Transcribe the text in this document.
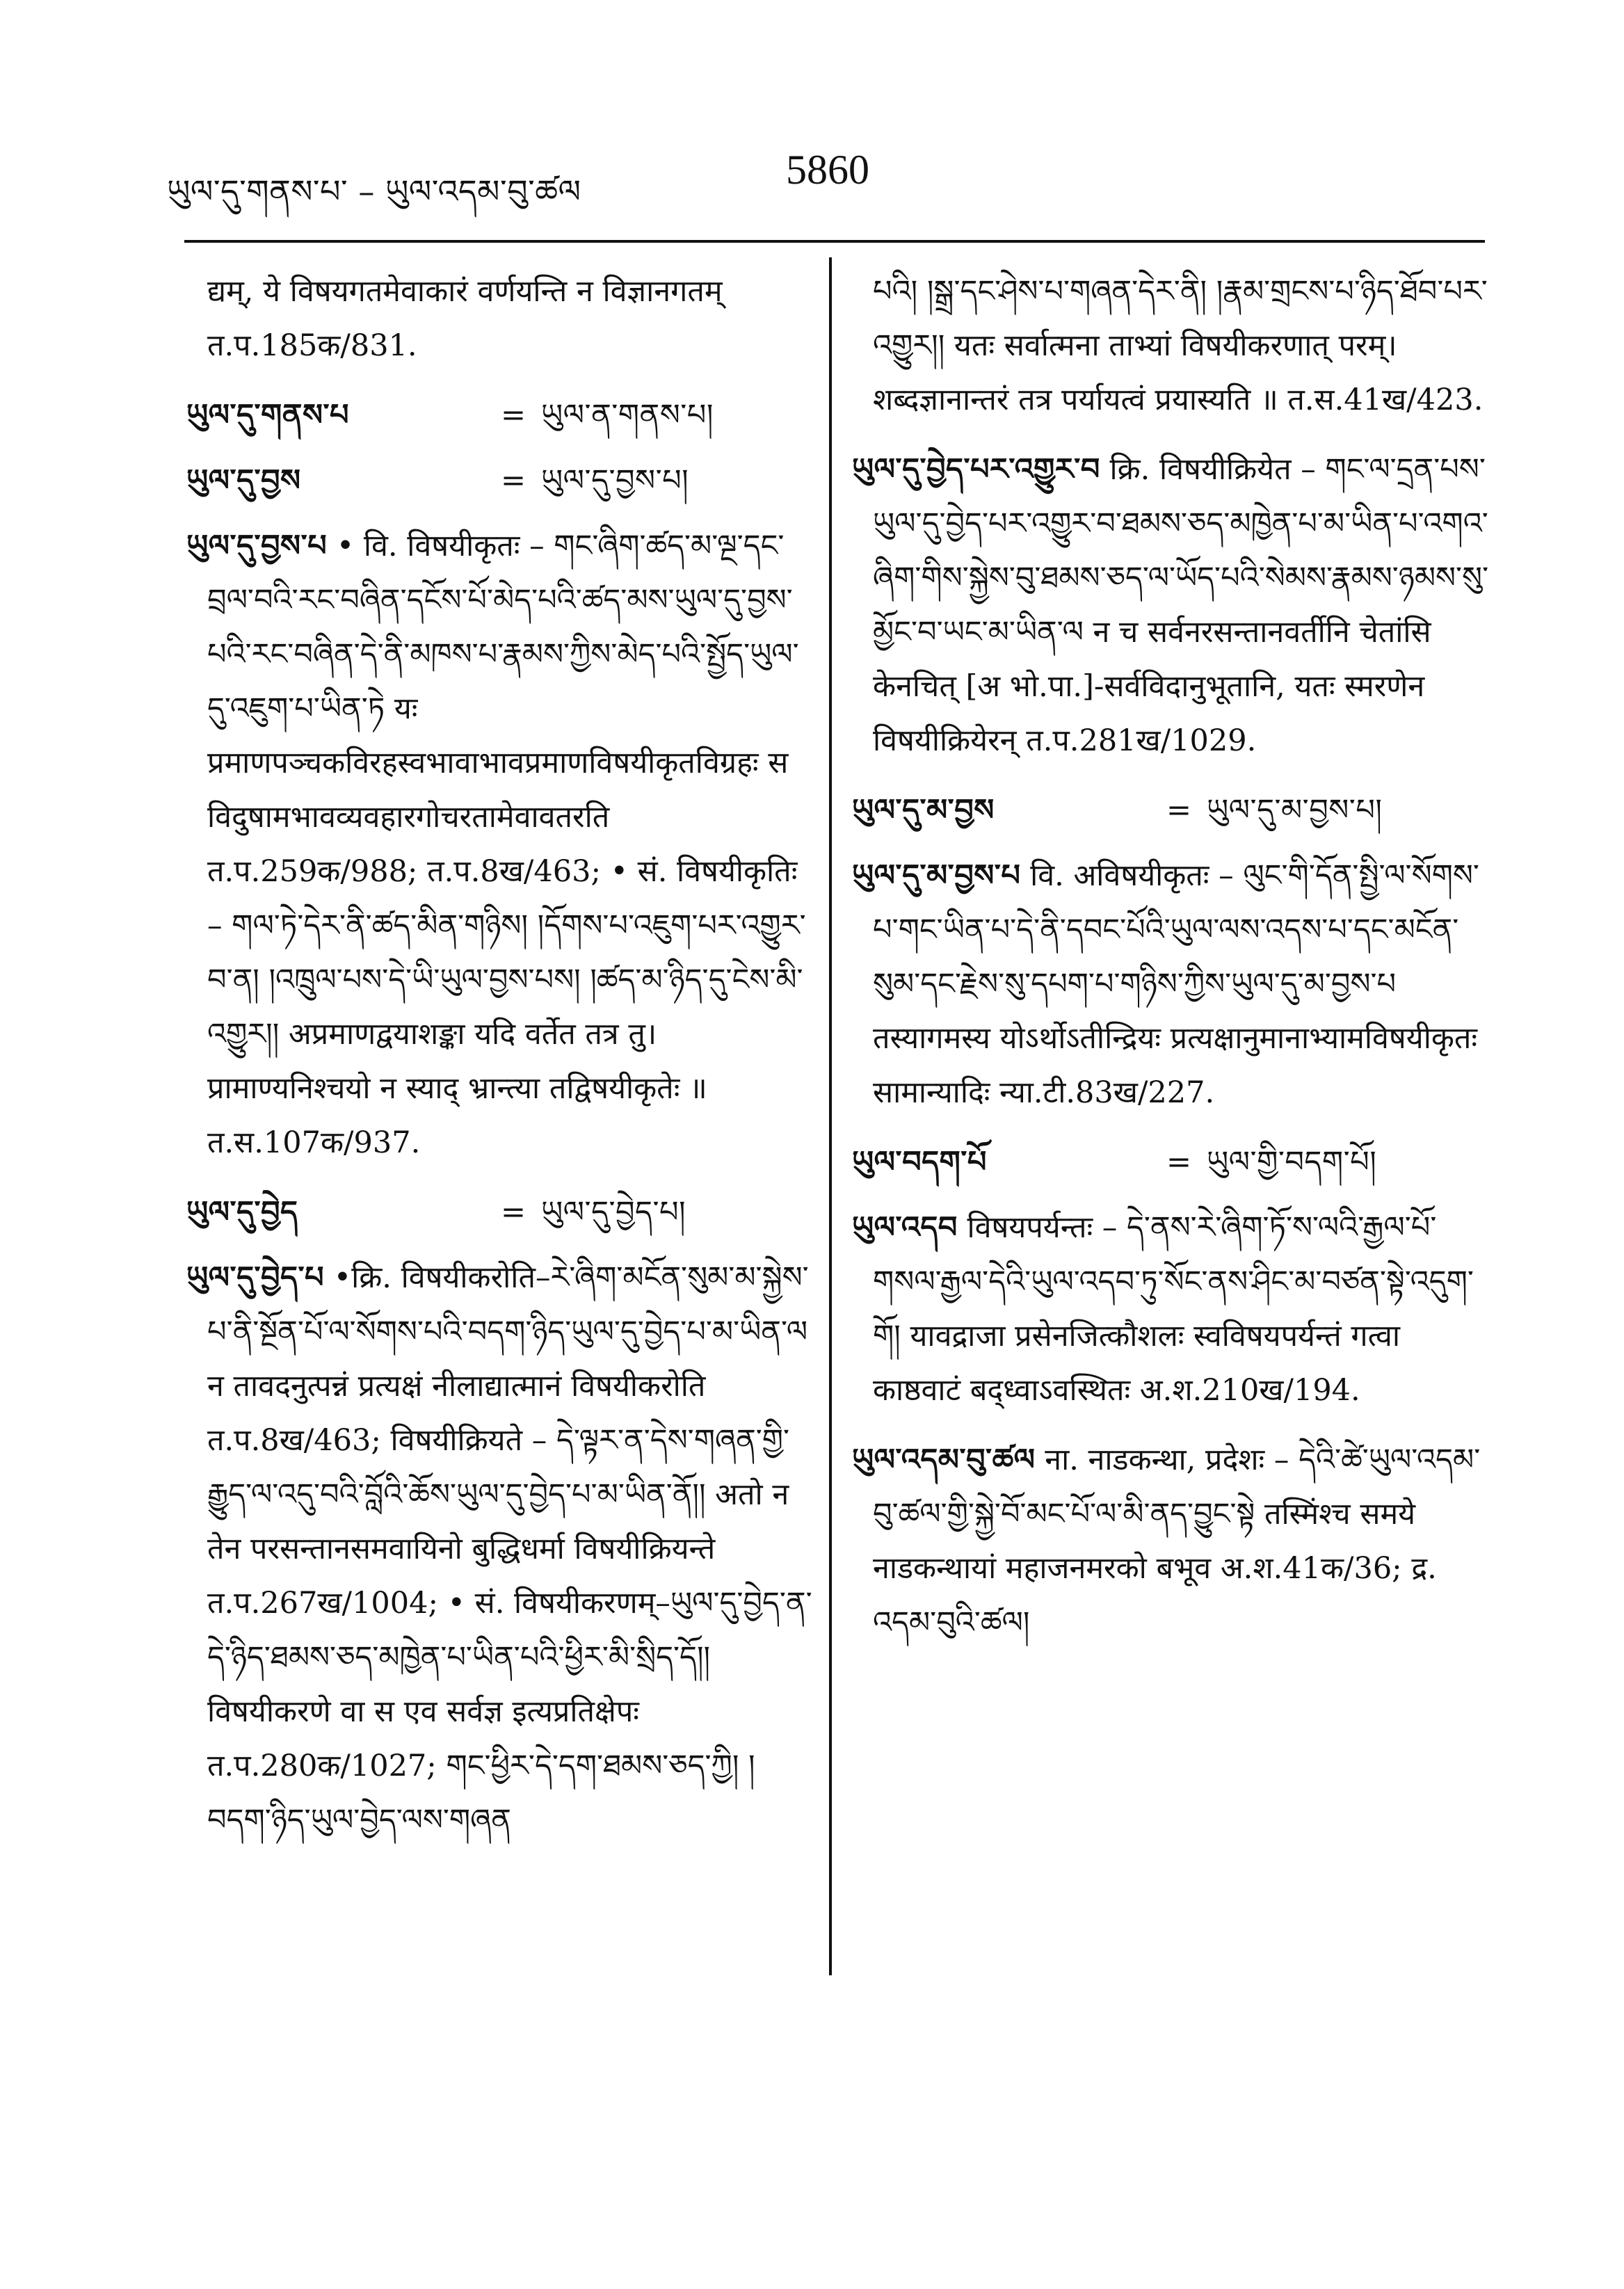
ཡུལ་དུ་གནས་པ་ – ཡུལ་འདམ་བུ་ཚལ	5860

द्यम्, ये विषयगतमेवाकारं वर्णयन्ति न विज्ञानगतम् त.प.185क/831.

ཡུལ་དུ་གནས་པ	= ཡུལ་ན་གནས་པ།
ཡུལ་དུ་བྱས	= ཡུལ་དུ་བྱས་པ།

ཡུལ་དུ་བྱས་པ • वि. विषयीकृतः – གང་ཞིག་ཚད་མ་ལྔ་དང་བྲལ་བའི་རང་བཞིན་དངོས་པོ་མེད་པའི་ཚད་མས་ཡུལ་དུ་བྱས་པའི་རང་བཞིན་དེ་ནི་མཁས་པ་རྣམས་ཀྱིས་མེད་པའི་སྤྱོད་ཡུལ་དུ་འཇུག་པ་ཡིན་ཏེ यः प्रमाणपञ्चकविरहस्वभावाभावप्रमाणविषयीकृतविग्रहः स विदुषामभावव्यवहारगोचरतामेवावतरति त.प.259क/988; त.प.8ख/463; • सं. विषयीकृतिः – གལ་ཏེ་དེར་ནི་ཚད་མིན་གཉིས། །དོགས་པ་འཇུག་པར་འགྱུར་བ་ན། །འཁྲུལ་པས་དེ་ཡི་ཡུལ་བྱས་པས། །ཚད་མ་ཉིད་དུ་ངེས་མི་འགྱུར།། अप्रमाणद्वयाशङ्का यदि वर्तेत तत्र तु। प्रामाण्यनिश्चयो न स्याद् भ्रान्त्या तद्विषयीकृतेः ॥ त.स.107क/937.

ཡུལ་དུ་བྱེད	= ཡུལ་དུ་བྱེད་པ།

ཡུལ་དུ་བྱེད་པ •क्रि. विषयीकरोति–རེ་ཞིག་མངོན་སུམ་མ་སྐྱེས་པ་ནི་སྔོན་པོ་ལ་སོགས་པའི་བདག་ཉིད་ཡུལ་དུ་བྱེད་པ་མ་ཡིན་ལ न तावदनुत्पन्नं प्रत्यक्षं नीलाद्यात्मानं विषयीकरोति त.प.8ख/463; विषयीक्रियते – དེ་ལྟར་ན་དེས་གཞན་གྱི་རྒྱུད་ལ་འདུ་བའི་བློའི་ཆོས་ཡུལ་དུ་བྱེད་པ་མ་ཡིན་ནོ།། अतो न तेन परसन्तानसमवायिनो बुद्धिधर्मा विषयीक्रियन्ते त.प.267ख/1004; • सं. विषयीकरणम्–ཡུལ་དུ་བྱེད་ན་དེ་ཉིད་ཐམས་ཅད་མཁྱེན་པ་ཡིན་པའི་ཕྱིར་མི་སྲིད་དོ།། विषयीकरणे वा स एव सर्वज्ञ इत्यप्रतिक्षेपः त.प.280क/1027; གང་ཕྱིར་དེ་དག་ཐམས་ཅད་ཀྱི། །བདག་ཉིད་ཡུལ་བྱེད་ལས་གཞན

པའི། །སྒྲ་དང་ཤེས་པ་གཞན་དེར་ནི། །རྣམ་གྲངས་པ་ཉིད་ཐོབ་པར་འགྱུར།། यतः सर्वात्मना ताभ्यां विषयीकरणात् परम्। शब्दज्ञानान्तरं तत्र पर्यायत्वं प्रयास्यति ॥ त.स.41ख/423.

ཡུལ་དུ་བྱེད་པར་འགྱུར་བ क्रि. विषयीक्रियेत – གང་ལ་དྲན་པས་ཡུལ་དུ་བྱེད་པར་འགྱུར་བ་ཐམས་ཅད་མཁྱེན་པ་མ་ཡིན་པ་འགའ་ཞིག་གིས་སྐྱེས་བུ་ཐམས་ཅད་ལ་ཡོད་པའི་སེམས་རྣམས་ཉམས་སུ་མྱོང་བ་ཡང་མ་ཡིན་ལ न च सर्वनरसन्तानवर्तीनि चेतांसि केनचित् [अ भो.पा.]-सर्वविदानुभूतानि, यतः स्मरणेन विषयीक्रियेरन् त.प.281ख/1029.

ཡུལ་དུ་མ་བྱས	= ཡུལ་དུ་མ་བྱས་པ།

ཡུལ་དུ་མ་བྱས་པ वि. अविषयीकृतः – ལུང་གི་དོན་སྤྱི་ལ་སོགས་པ་གང་ཡིན་པ་དེ་ནི་དབང་པོའི་ཡུལ་ལས་འདས་པ་དང་མངོན་སུམ་དང་རྗེས་སུ་དཔག་པ་གཉིས་ཀྱིས་ཡུལ་དུ་མ་བྱས་པ तस्यागमस्य योऽर्थोऽतीन्द्रियः प्रत्यक्षानुमानाभ्यामविषयीकृतः सामान्यादिः न्या.टी.83ख/227.

ཡུལ་བདག་པོ	= ཡུལ་གྱི་བདག་པོ།

ཡུལ་འདབ विषयपर्यन्तः – དེ་ནས་རེ་ཞིག་ཏོ་ས་ལའི་རྒྱལ་པོ་གསལ་རྒྱལ་དེའི་ཡུལ་འདབ་ཏུ་སོང་ནས་ཤིང་མ་བཙན་སྟེ་འདུག་གོ། यावद्राजा प्रसेनजित्कौशलः स्वविषयपर्यन्तं गत्वा काष्ठवाटं बद्ध्वाऽवस्थितः अ.श.210ख/194.

ཡུལ་འདམ་བུ་ཚལ ना. नाडकन्था, प्रदेशः – དེའི་ཚེ་ཡུལ་འདམ་བུ་ཚལ་གྱི་སྐྱེ་བོ་མང་པོ་ལ་མི་ནད་བྱུང་སྟེ तस्मिंश्च समये नाडकन्थायां महाजनमरको बभूव अ.श.41क/36; द्र. འདམ་བུའི་ཚལ།
